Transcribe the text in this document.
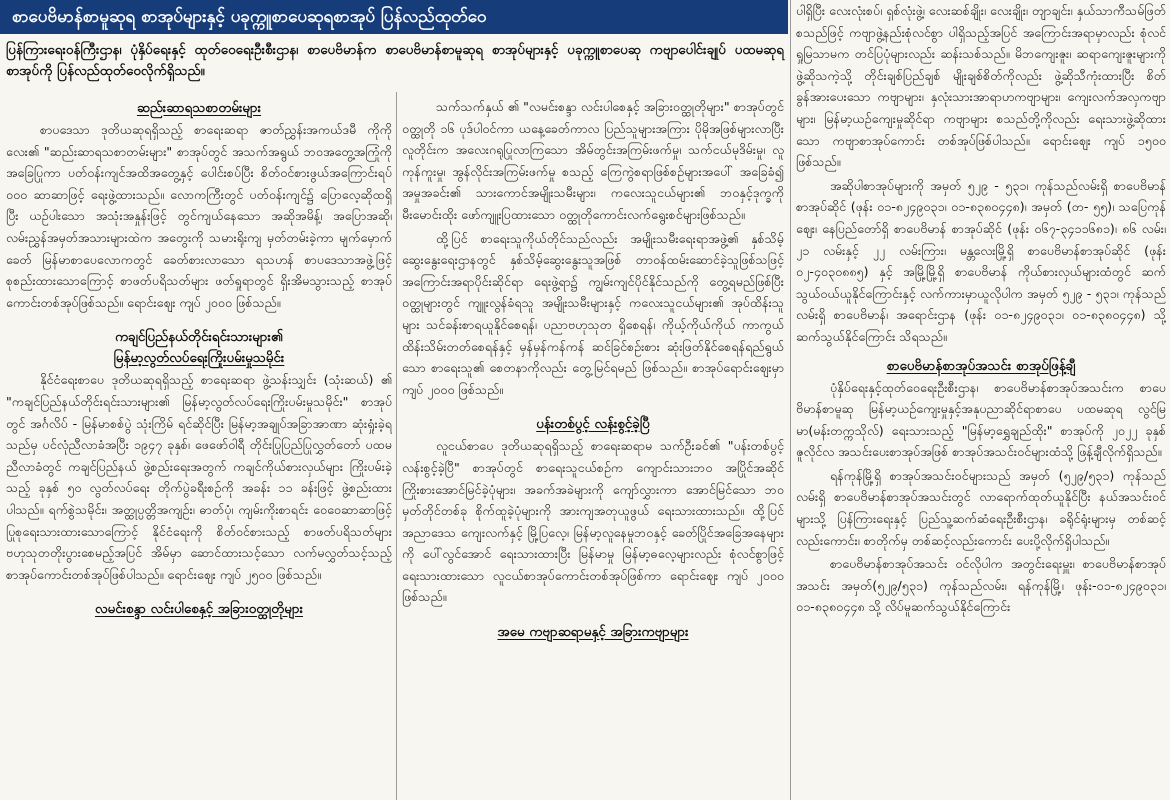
စာပေဗိမာန်စာမူဆုရ စာအုပ်များနှင့် ပခုက္ကူစာပေဆုရစာအုပ် ပြန်လည်ထုတ်ဝေ
ပြန်ကြားရေးဝန်ကြီးဌာန၊ ပုံနှိပ်ရေးနှင့် ထုတ်ဝေရေးဦးစီးဌာန၊ စာပေဗိမာန်က စာပေဗိမာန်စာမူဆုရ စာအုပ်များနှင့် ပခုက္ကူစာပေဆု ကဗျာပေါင်းချုပ် ပထမဆုရစာအုပ်ကို ပြန်လည်ထုတ်ဝေလိုက်ရှိသည်။
ဆည်းဆာရသစာတမ်းများ

စာပဒေသာ ဒုတိယဆုရရှိသည့် စာရေးဆရာ ဇာတ်ညွှန်းအကယ်ဒမီ ကိုကိုလေး၏ "ဆည်းဆာရသစာတမ်းများ" စာအုပ်တွင် အသက်အရွယ် ဘဝအတွေ့အကြုံကို အခြေပြုကာ ပတ်ဝန်းကျင်အထိအတွေ့နှင့် ပေါင်းစပ်ပြီး စိတ်ဝင်စားဖွယ်အကြောင်းရပ်ဝ၀ဝ ဆာဆာဖြင့် ရေးဖွဲ့ထားသည်။ လောကကြီးတွင် ပတ်ဝန်းကျင်၌ ပြောလေ့ဆိုထရှိပြီး ယဉ်ပါးသော အသုံးအနှုန်းဖြင့် တွင်ကျယ်နေသော အဆိုအမိန့်၊ အပြောအဆို၊ လမ်းညွှန်အမှတ်အသားများထဲက အတွေးကို သမားရိုးကျ မှတ်တမ်းခဲ့ကာ မျက်မှောက်ခေတ် မြန်မာစာပေလောကတွင် ခေတ်စားလာသော ရသဟန် စာပဒေသာအဖွဲ့ဖြင့် စုစည်းထားသောကြောင့် စာဖတ်ပရိသတ်များ ဖတ်ရှုရာတွင် ရှိးအိမသွားသည့် စာအုပ်ကောင်းတစ်အုပ်ဖြစ်သည်။ ရောင်းဈေး ကျပ် ၂၀၀၀ ဖြစ်သည်။

ကချင်ပြည်နယ်တိုင်းရင်းသားများ၏
မြန်မာ့လွတ်လပ်ရေးကြိုးပမ်းမှုသမိုင်း

နိုင်ငံရေးစာပေ ဒုတိယဆုရရှိသည့် စာရေးဆရာ ဖွဲ့သန်းသျှင်း (သုံးဆယ်) ၏ "ကချင်ပြည်နယ်တိုင်းရင်းသားများ၏ မြန်မာ့လွတ်လပ်ရေးကြိုးပမ်းမှုသမိုင်း" စာအုပ်တွင် အင်္ဂလိပ် - မြန်မာစစ်ပွဲ သုံးကြိမ် ရင်ဆိုင်ပြီး မြန်မာ့အချုပ်အခြာအာဏာ ဆုံးရှုံးခဲ့ရသည်မှ ပင်လုံညီလာခံအပြီး ၁၉၄၇ ခုနှစ်၊ ဖေဖော်ဝါရီ တိုင်းပြုပြည်ပြုလွှတ်တော် ပထမညီလာခံတွင် ကချင်ပြည်နယ် ဖွဲ့စည်းရေးအတွက် ကချင်ကိုယ်စားလှယ်များ ကြိုးပမ်းခဲ့သည့် ခုနှစ် ၅၀ လွတ်လပ်ရေး တိုက်ပွဲခရီးစဉ်ကို အခန်း ၁၁ ခန်းဖြင့် ဖွဲ့စည်းထားပါသည်။ ရက်စွဲသမိုင်း၊ အတ္ထုပ္ပတ္တိအကျဉ်း၊ ဓာတ်ပုံ၊ ကျမ်းကိုးစာရင်း ဝေဝေဆာဆာဖြင့် ပြုစုရေးသားထားသောကြောင့် နိုင်ငံရေးကို စိတ်ဝင်စားသည့် စာဖတ်ပရိသတ်များ ဗဟုသုတတိုးပွားစေမည့်အပြင် အိမ်မှာ ဆောင်ထားသင့်သော လက်မလွှတ်သင့်သည့် စာအုပ်ကောင်းတစ်အုပ်ဖြစ်ပါသည်။ ရောင်းဈေး ကျပ် ၂၅၀၀ ဖြစ်သည်။

လမင်းစန္ဒာ လင်းပါစေနှင့် အခြားဝတ္ထုတိုများ

သက်သက်နှယ် ၏ "လမင်းစန္ဒာ လင်းပါစေနှင့် အခြားဝတ္ထုတိုများ" စာအုပ်တွင် ဝတ္ထုတို ၁၆ ပုဒ်ပါဝင်ကာ ယနေ့ခေတ်ကာလ ပြည်သူများအကြား ပိုမိုအဖြစ်များလာပြီး လူတိုင်းက အလေးဂရုပြုလာကြသော အိမ်တွင်းအကြမ်းဖက်မှု၊ သက်ငယ်မုဒိမ်းမှု၊ လူကုန်ကူးမှု၊ အွန်လိုင်းအကြမ်းဖက်မှု စသည့် ကြေကွဲစရာဖြစ်စဉ်များအပေါ် အခြေခံ၍ အမှုအခင်း၏ သားကောင်အမျိုးသမီးများ၊ ကလေးသူငယ်များ၏ ဘဝနှင့်ဒုက္ခကို မီးမောင်းထိုး ဖော်ကျူးပြထားသော ဝတ္ထုတိုကောင်းလက်ရွေးစင်များဖြစ်သည်။

ထို့ပြင် စာရေးသူကိုယ်တိုင်သည်လည်း အမျိုးသမီးရေးရာအဖွဲ့၏ နှစ်သိမ့်ဆွေးနွေးရေးဌာနတွင် နှစ်သိမ့်ဆွေးနွေးသူအဖြစ် တာဝန်ထမ်းဆောင်ခဲ့သူဖြစ်သဖြင့် အကြောင်းအရာပိုင်းဆိုင်ရာ ရေးဖွဲ့ရာ၌ ကျွမ်းကျင်ပိုင်နိုင်သည်ကို တွေ့ရမည်ဖြစ်ပြီး ဝတ္ထုများတွင် ကျူးလွန်ခံရသူ အမျိုးသမီးများနှင့် ကလေးသူငယ်များ၏ အုပ်ထိန်းသူများ သင်ခန်းစာရယူနိုင်စေရန်၊ ပညာဗဟုသုတ ရှိစေရန်၊ ကိုယ့်ကိုယ်ကိုယ် ကာကွယ်ထိန်းသိမ်းတတ်စေရန်နှင့် မှန်မှန်ကန်ကန် ဆင်ခြင်စဉ်းစား ဆုံးဖြတ်နိုင်စေရန်ရည်ရွယ်သော စာရေးသူ၏ စေတနာကိုလည်း တွေ့မြင်ရမည် ဖြစ်သည်။ စာအုပ်ရောင်းဈေးမှာ ကျပ် ၂၀၀၀ ဖြစ်သည်။

ပန်းတစ်ပွင့် လန်းစွင့်ခဲ့ပြီ

လူငယ်စာပေ ဒုတိယဆုရရှိသည့် စာရေးဆရာမ သက်ဦးခင်၏ "ပန်းတစ်ပွင့် လန်းစွင့်ခဲ့ပြီ" စာအုပ်တွင် စာရေးသူငယ်စဉ်က ကျောင်းသားဘဝ အပြိုင်အဆိုင် ကြိုးစားအောင်မြင်ခဲ့ပုံများ၊ အခက်အခဲများကို ကျော်လွှားကာ အောင်မြင်သော ဘဝမှတ်တိုင်တစ်ခု စိုက်ထူခဲ့ပုံများကို အားကျအတုယူဖွယ် ရေးသားထားသည်။ ထို့ပြင် အညာဒေသ ကျေးလက်နှင့် မြို့ပြလေ့၊ မြန်မာ့လူနေမှုဘဝနှင့် ခေတ်ပြိုင်အခြေအနေများကို ပေါ်လွင်အောင် ရေးသားထားပြီး မြန်မာမှု မြန်မာ့ဓလေ့များလည်း စုံလင်စွာဖြင့်ရေးသားထားသော လူငယ်စာအုပ်ကောင်းတစ်အုပ်ဖြစ်ကာ ရောင်းဈေး ကျပ် ၂၀၀၀ ဖြစ်သည်။

အမေ ကဗျာဆရာမနှင့် အခြားကဗျာများ

ပါရှိပြီး လေးလုံးစပ်၊ ရှစ်လုံးဖွဲ့၊ လေးဆစ်ချိုး၊ လေးချိုး၊ တျာချင်း၊ နှယ်သာကီသမ်ဖြတ် စသည်ဖြင့် ကဗျာဖွဲ့နည်းစုံလင်စွာ ပါရှိသည့်အပြင် အကြောင်းအရာမှာလည်း စုံလင်ရှုမြသာမက တင်ပြပုံများလည်း ဆန်းသစ်သည်။ မိဘကျေးဇူး၊ ဆရာကျေးဇူးများကို ဖွဲ့ဆိုသကဲ့သို့ တိုင်းချစ်ပြည်ချစ် မျိုးချစ်စိတ်ကိုလည်း ဖွဲ့ဆိုသီကုံးထားပြီး စိတ်ခွန်အားပေးသော ကဗျာများ၊ နှလုံးသားအာရာဟကဗျာများ၊ ကျေးလက်အလှကဗျာများ၊ မြန်မာ့ယဉ်ကျေးမှုဆိုင်ရာ ကဗျာများ စသည်တို့ကိုလည်း ရေးသားဖွဲ့ဆိုထားသော ကဗျာစာအုပ်ကောင်း တစ်အုပ်ဖြစ်ပါသည်။ ရောင်းဈေး ကျပ် ၁၅၀၀ ဖြစ်သည်။

အဆိုပါစာအုပ်များကို အမှတ် ၅၂၉ - ၅၃၁၊ ကုန်သည်လမ်းရှိ စာပေဗိမာန် စာအုပ်ဆိုင် (ဖုန်း ၀၁-၈၂၄၉၀၃၁၊ ၀၁-၈၃၈၀၄၄၈)၊ အမှတ် (တ- ၅၅)၊ သပြေကုန်ဈေး၊ နေပြည်တော်ရှိ စာပေဗိမာန် စာအုပ်ဆိုင် (ဖုန်း ၀၆၇-၃၄၁၁၆၈၁)၊ ၈၆ လမ်း၊ ၂၁ လမ်းနှင့် ၂၂ လမ်းကြား၊ မန္တလေးမြို့ရှိ စာပေဗိမာန်စာအုပ်ဆိုင် (ဖုန်း ၀၂-၄၀၃၀၈၈၅) နှင့် အမြို့မြို့ရှိ စာပေဗိမာန် ကိုယ်စားလှယ်များထံတွင် ဆက်သွယ်ဝယ်ယူနိုင်ကြောင်းနှင့် လက်ကားမှာယူလိုပါက အမှတ် ၅၂၉ - ၅၃၁၊ ကုန်သည်လမ်းရှိ စာပေဗိမာန်၊ အရောင်းဌာန (ဖုန်း ၀၁-၈၂၄၉၀၃၁၊ ၀၁-၈၃၈၀၄၄၈) သို့ ဆက်သွယ်နိုင်ကြောင်း သိရသည်။

စာပေဗိမာန်စာအုပ်အသင်း စာအုပ်ဖြန့်ချီ

ပုံနှိပ်ရေးနှင့်ထုတ်ဝေရေးဦးစီးဌာန၊ စာပေဗိမာန်စာအုပ်အသင်းက စာပေဗိမာန်စာမူဆု မြန်မာ့ယဉ်ကျေးမှုနှင့်အနုပညာဆိုင်ရာစာပေ ပထမဆုရ လွင်မြမာ(မန်းတက္ကသိုလ်) ရေးသားသည့် "မြန်မာ့ရွှေချည်ထိုး" စာအုပ်ကို ၂၀၂၂ ခုနှစ် ဇူလိုင်လ အသင်းပေးစာအုပ်အဖြစ် စာအုပ်အသင်းဝင်များထံသို့ ဖြန့်ချီလိုက်ရှိသည်။

ရန်ကုန်မြို့ရှိ စာအုပ်အသင်းဝင်များသည် အမှတ် (၅၂၉/၅၃၁) ကုန်သည်လမ်းရှိ စာပေဗိမာန်စာအုပ်အသင်းတွင် လာရောက်ထုတ်ယူနိုင်ပြီး နယ်အသင်းဝင်များသို့ ပြန်ကြားရေးနှင့် ပြည်သူ့ဆက်ဆံရေးဦးစီးဌာန၊ ခရိုင်ရုံးများမှ တစ်ဆင့်လည်းကောင်း၊ စာတိုက်မှ တစ်ဆင့်လည်းကောင်း ပေးပို့လိုက်ရှိပါသည်။

စာပေဗိမာန်စာအုပ်အသင်း ဝင်လိုပါက အတွင်းရေးမှူး၊ စာပေဗိမာန်စာအုပ်အသင်း အမှတ်(၅၂၉/၅၃၁) ကုန်သည်လမ်း၊ ရန်ကုန်မြို့၊ ဖုန်း-၀၁-၈၂၄၉၀၃၁၊ ၀၁-၈၃၈၀၄၄၈ သို့ လိပ်မူဆက်သွယ်နိုင်ကြောင်း
